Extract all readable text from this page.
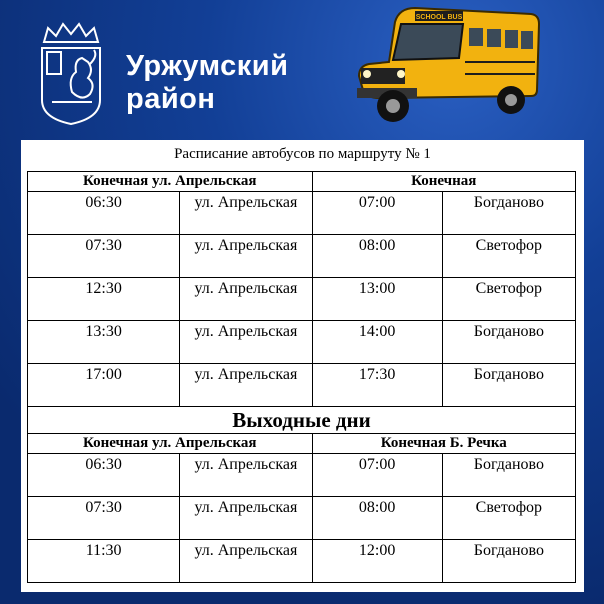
Уржумский
район
SCHOOL BUS
Расписание автобусов по маршруту № 1
Конечная ул. Апрельская		Конечная	
06:30	ул. Апрельская	07:00	Богданово
07:30	ул. Апрельская	08:00	Светофор
12:30	ул. Апрельская	13:00	Светофор
13:30	ул. Апрельская	14:00	Богданово
17:00	ул. Апрельская	17:30	Богданово
Выходные дни			
Конечная ул. Апрельская		Конечная Б. Речка	
06:30	ул. Апрельская	07:00	Богданово
07:30	ул. Апрельская	08:00	Светофор
11:30	ул. Апрельская	12:00	Богданово
